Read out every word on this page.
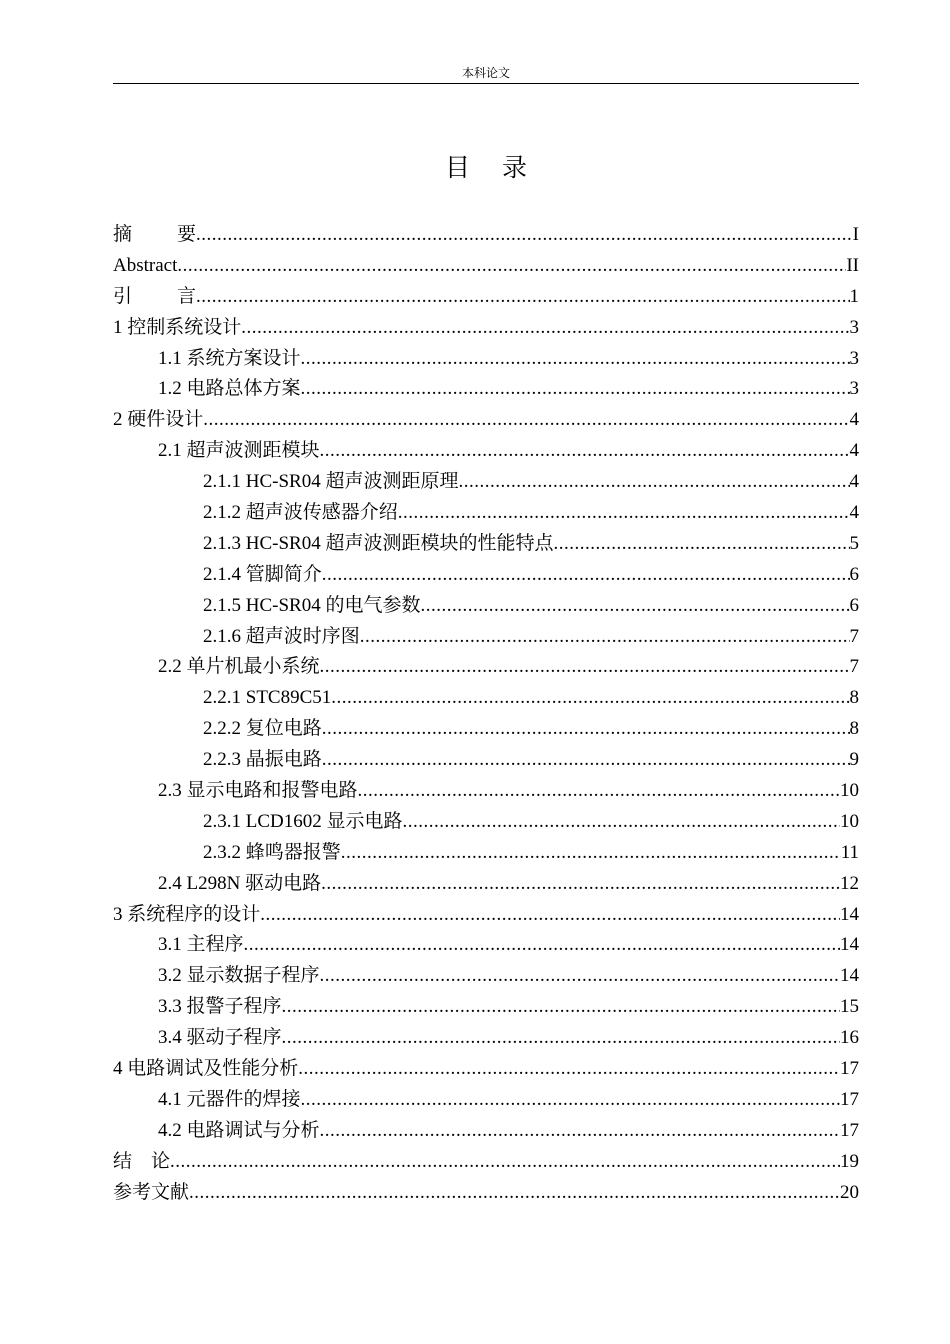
本科论文
目录
摘要 .....	I
Abstract .....	II
引言 .....	1
1 控制系统设计 .....	3
1.1 系统方案设计 .....	3
1.2 电路总体方案 .....	3
2 硬件设计 .....	4
2.1 超声波测距模块 .....	4
2.1.1 HC-SR04 超声波测距原理 .....	4
2.1.2 超声波传感器介绍 .....	4
2.1.3 HC-SR04 超声波测距模块的性能特点 .....	5
2.1.4 管脚简介 .....	6
2.1.5 HC-SR04 的电气参数 .....	6
2.1.6 超声波时序图 .....	7
2.2 单片机最小系统 .....	7
2.2.1 STC89C51 .....	8
2.2.2 复位电路 .....	8
2.2.3 晶振电路 .....	9
2.3 显示电路和报警电路 .....	10
2.3.1 LCD1602 显示电路 .....	10
2.3.2 蜂鸣器报警 .....	11
2.4 L298N 驱动电路 .....	12
3 系统程序的设计 .....	14
3.1 主程序 .....	14
3.2 显示数据子程序 .....	14
3.3 报警子程序 .....	15
3.4 驱动子程序 .....	16
4 电路调试及性能分析 .....	17
4.1 元器件的焊接 .....	17
4.2 电路调试与分析 .....	17
结论 .....	19
参考文献 .....	20
